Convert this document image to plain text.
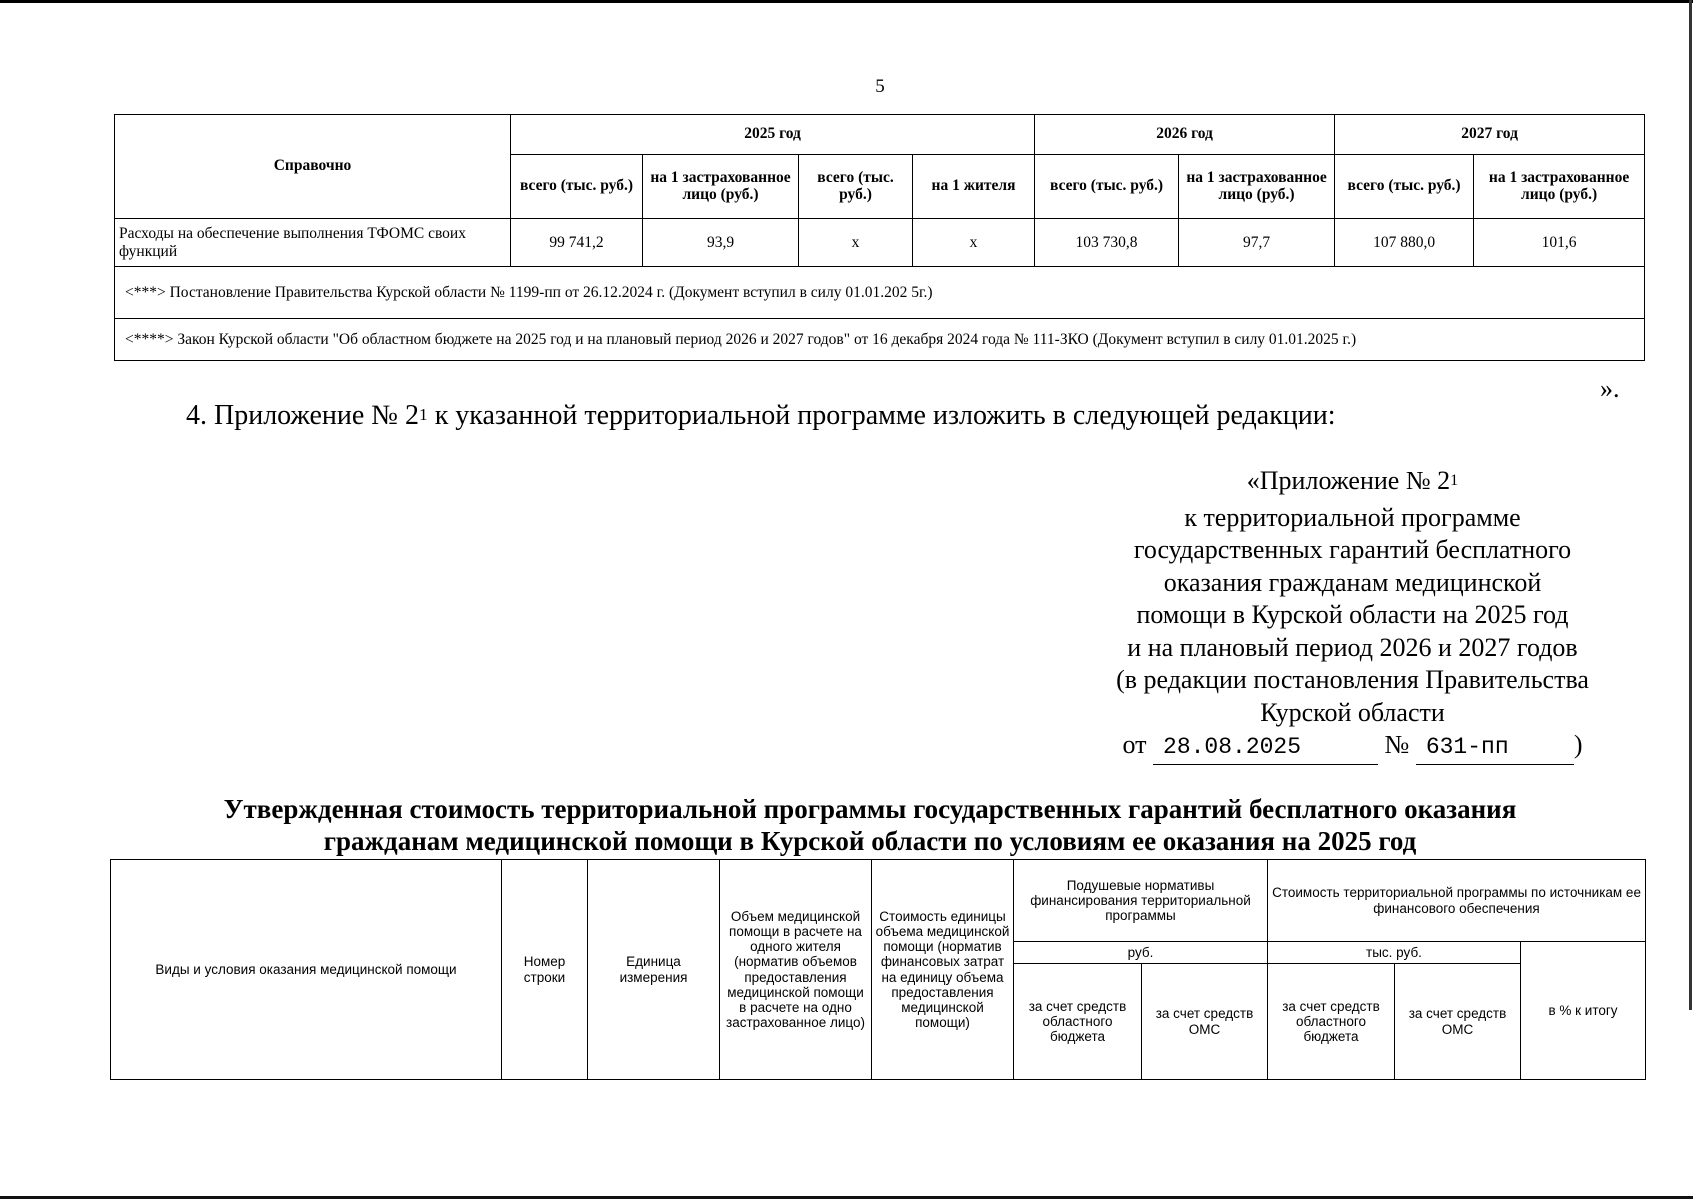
5
Справочно	2025 год				2026 год		2027 год	
	всего (тыс. руб.)	на 1 застрахованное лицо (руб.)	всего (тыс. руб.)	на 1 жителя	всего (тыс. руб.)	на 1 застрахованное лицо (руб.)	всего (тыс. руб.)	на 1 застрахованное лицо (руб.)
Расходы на обеспечение выполнения ТФОМС своих функций	99 741,2	93,9	х	х	103 730,8	97,7	107 880,0	101,6
<***> Постановление Правительства Курской области № 1199-пп от 26.12.2024 г. (Документ вступил в силу 01.01.202 5г.)								
<****> Закон Курской области "Об областном бюджете на 2025 год и на плановый период 2026 и 2027 годов" от 16 декабря 2024 года № 111-ЗКО (Документ вступил в силу 01.01.2025 г.)								
».
4. Приложение № $2^1$ к указанной территориальной программе изложить в следующей редакции:
«Приложение № $2^1$
к территориальной программе
государственных гарантий бесплатного
оказания гражданам медицинской
помощи в Курской области на 2025 год
и на плановый период 2026 и 2027 годов
(в редакции постановления Правительства
Курской области
от 28.08.2025	№ 631-пп	)
Утвержденная стоимость территориальной программы государственных гарантий бесплатного оказания
гражданам медицинской помощи в Курской области по условиям ее оказания на 2025 год
Виды и условия оказания медицинской помощи	Номер строки	Единица измерения	Объем медицинской помощи в расчете на одного жителя (норматив объемов предоставления медицинской помощи в расчете на одно застрахованное лицо)	Стоимость единицы объема медицинской помощи (норматив финансовых затрат на единицу объема предоставления медицинской помощи)	Подушевые нормативы финансирования территориальной программы		Стоимость территориальной программы по источникам ее финансового обеспечения		
					руб.		тыс. руб.		в % к итогу
					за счет средств областного бюджета	за счет средств ОМС	за счет средств областного бюджета	за счет средств ОМС	
